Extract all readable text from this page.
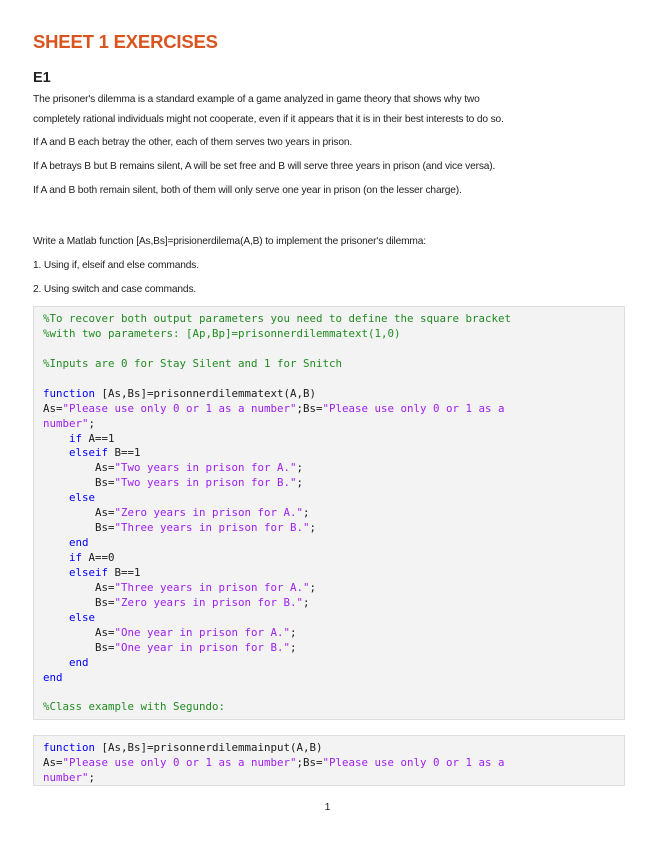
SHEET 1 EXERCISES
E1

The prisoner's dilemma is a standard example of a game analyzed in game theory that shows why two

completely rational individuals might not cooperate, even if it appears that it is in their best interests to do so.

If A and B each betray the other, each of them serves two years in prison.

If A betrays B but B remains silent, A will be set free and B will serve three years in prison (and vice versa).

If A and B both remain silent, both of them will only serve one year in prison (on the lesser charge).

Write a Matlab function [As,Bs]=prisionerdilema(A,B) to implement the prisoner's dilemma:

1. Using if, elseif and else commands.

2. Using switch and case commands.

%To recover both output parameters you need to define the square bracket
%with two parameters: [Ap,Bp]=prisonnerdilemmatext(1,0)
%Inputs are 0 for Stay Silent and 1 for Snitch
function [As,Bs]=prisonnerdilemmatext(A,B)
As="Please use only 0 or 1 as a number";Bs="Please use only 0 or 1 as a
number";
if A==1
elseif B==1
As="Two years in prison for A.";
Bs="Two years in prison for B.";
else
As="Zero years in prison for A.";
Bs="Three years in prison for B.";
end
if A==0
elseif B==1
As="Three years in prison for A.";
Bs="Zero years in prison for B.";
else
As="One year in prison for A.";
Bs="One year in prison for B.";
end
end
%Class example with Segundo:
function [As,Bs]=prisonnerdilemmainput(A,B)
As="Please use only 0 or 1 as a number";Bs="Please use only 0 or 1 as a
number";
1
